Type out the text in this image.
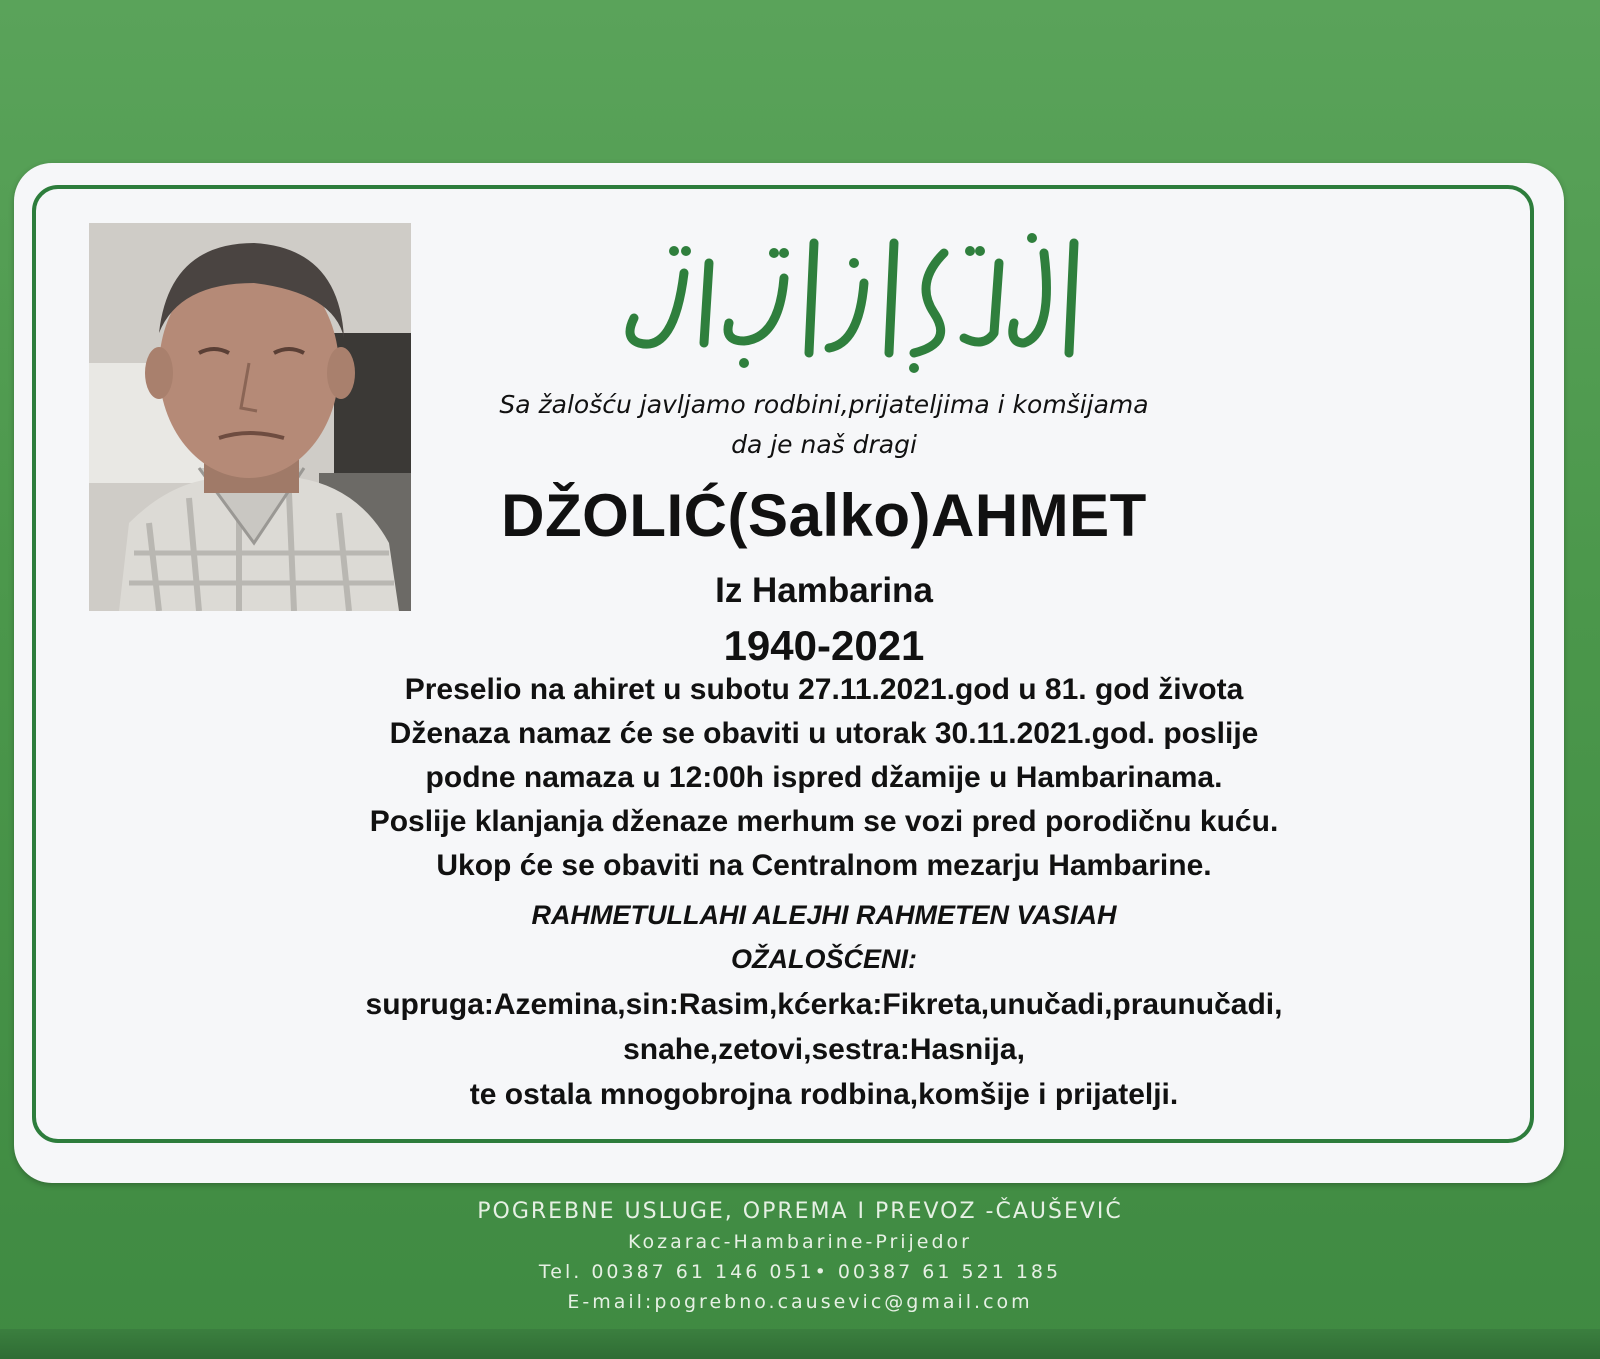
Sa žalošću javljamo rodbini,prijateljima i komšijama
da je naš dragi
DŽOLIĆ(Salko)AHMET
Iz Hambarina
1940-2021
Preselio na ahiret u subotu 27.11.2021.god u 81. god života
Dženaza namaz će se obaviti u utorak 30.11.2021.god. poslije
podne namaza u 12:00h ispred džamije u Hambarinama.
Poslije klanjanja dženaze merhum se vozi pred porodičnu kuću.
Ukop će se obaviti na Centralnom mezarju Hambarine.
RAHMETULLAHI ALEJHI RAHMETEN VASIAH
OŽALOŠĆENI:
supruga:Azemina,sin:Rasim,kćerka:Fikreta,unučadi,praunučadi,
snahe,zetovi,sestra:Hasnija,
te ostala mnogobrojna rodbina,komšije i prijatelji.
POGREBNE USLUGE, OPREMA I PREVOZ -ČAUŠEVIĆ
Kozarac-Hambarine-Prijedor
Tel. 00387 61 146 051• 00387 61 521 185
E-mail:pogrebno.causevic@gmail.com
